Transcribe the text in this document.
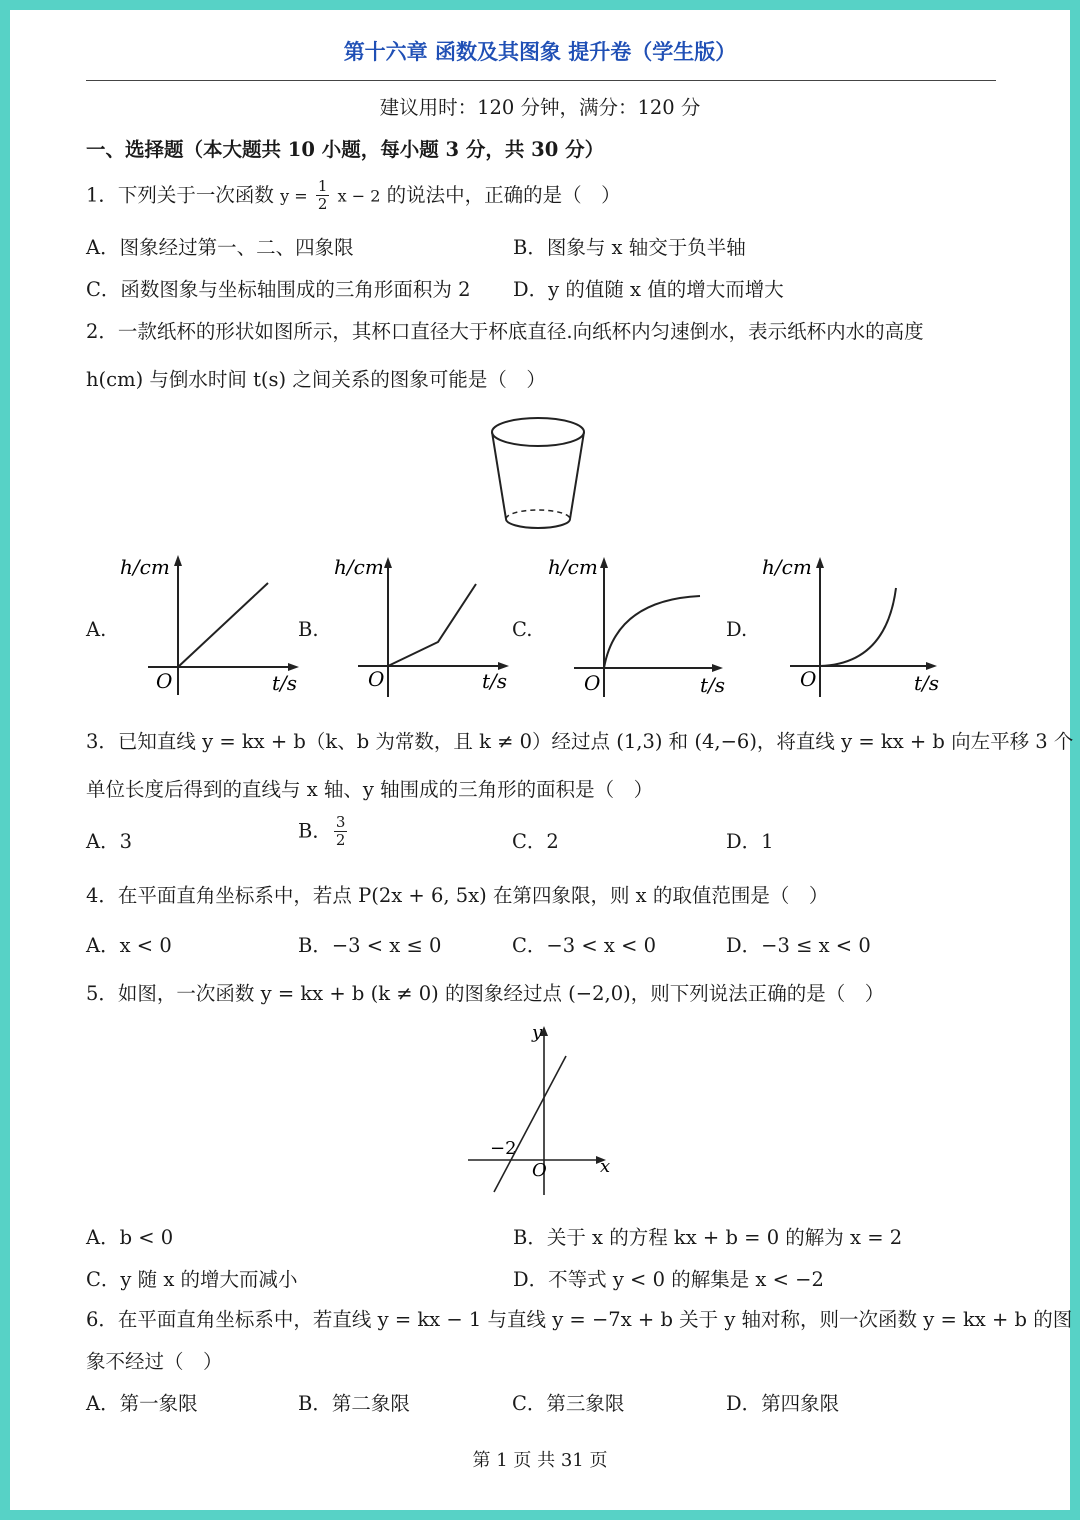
第十六章 函数及其图象 提升卷（学生版）
建议用时：120 分钟，满分：120 分
一、选择题（本大题共 10 小题，每小题 3 分，共 30 分）
1．下列关于一次函数 $y = \frac{1}{2}$ x − 2 的说法中，正确的是（　）
A．图象经过第一、二、四象限	B．图象与 x 轴交于负半轴
C．函数图象与坐标轴围成的三角形面积为 2 D．y 的值随 x 值的增大而增大
2．一款纸杯的形状如图所示，其杯口直径大于杯底直径.向纸杯内匀速倒水，表示纸杯内水的高度
h(cm) 与倒水时间 t(s) 之间关系的图象可能是（　）
A.
h/cm
O	t/s
B.
h/cm
O	t/s
C.
h/cm
O	t/s
D.
h/cm
O	t/s
3．已知直线 y = kx + b（k、b 为常数，且 k ≠ 0）经过点 (1,3) 和 (4,−6)，将直线 y = kx + b 向左平移 3 个
单位长度后得到的直线与 x 轴、y 轴围成的三角形的面积是（　）
A．3	B． $\frac{3}{2}$	C．2	D．1
4．在平面直角坐标系中，若点 P(2x + 6, 5x) 在第四象限，则 x 的取值范围是（　）
A．x < 0	B．−3 < x ≤ 0	C．−3 < x < 0	D．−3 ≤ x < 0
5．如图，一次函数 y = kx + b (k ≠ 0) 的图象经过点 (−2,0)，则下列说法正确的是（　）
y
x
O
−2
A．b < 0	B．关于 x 的方程 kx + b = 0 的解为 x = 2
C．y 随 x 的增大而减小	D．不等式 y < 0 的解集是 x < −2
6．在平面直角坐标系中，若直线 y = kx − 1 与直线 y = −7x + b 关于 y 轴对称，则一次函数 y = kx + b 的图
象不经过（　）
A．第一象限	B．第二象限	C．第三象限	D．第四象限
第 1 页 共 31 页
